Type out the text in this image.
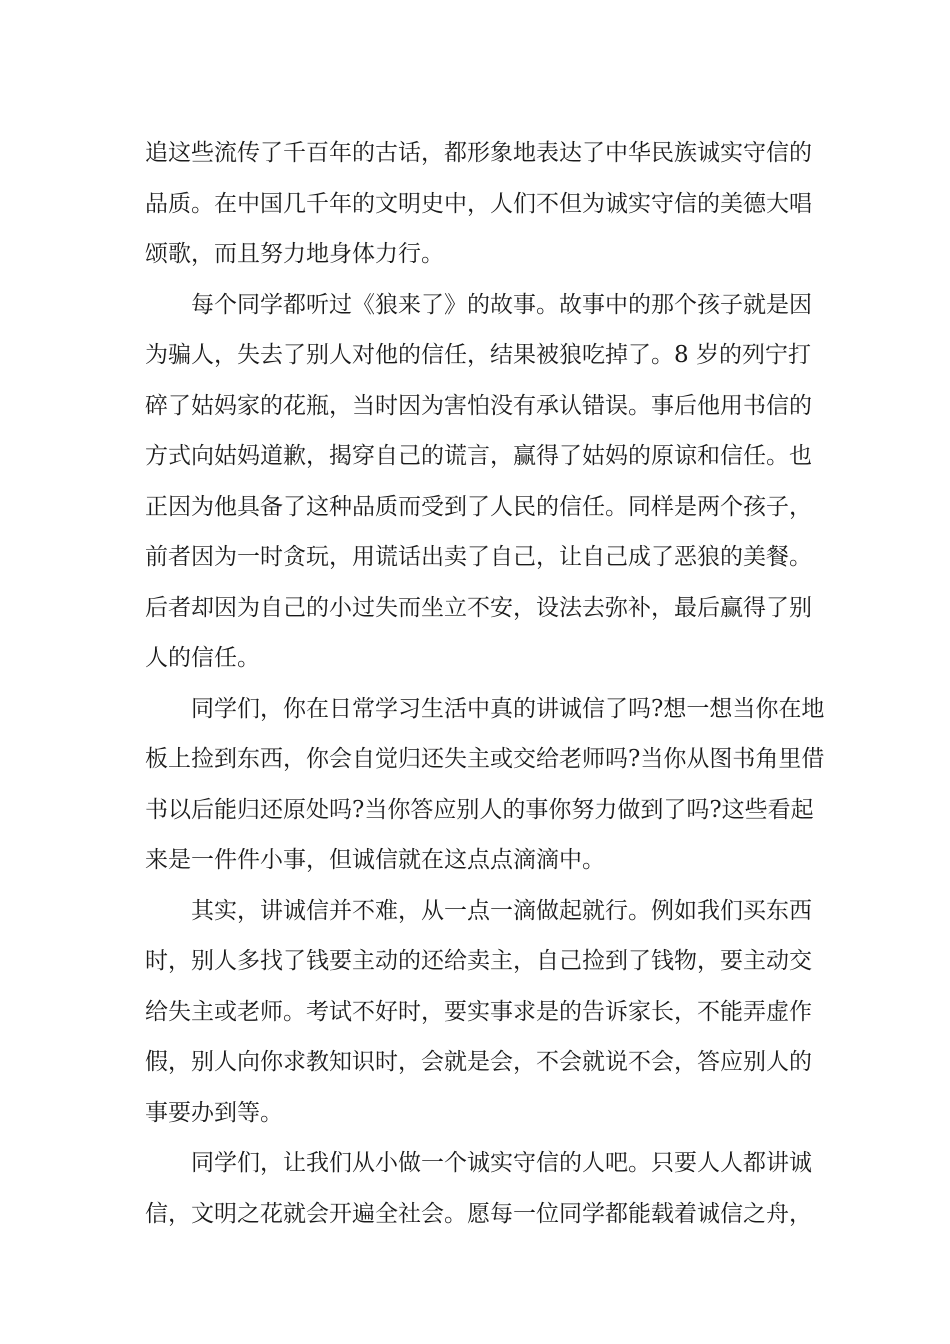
追这些流传了千百年的古话，都形象地表达了中华民族诚实守信的
品质。在中国几千年的文明史中，人们不但为诚实守信的美德大唱
颂歌，而且努力地身体力行。
每个同学都听过《狼来了》的故事。故事中的那个孩子就是因
为骗人，失去了别人对他的信任，结果被狼吃掉了。8 岁的列宁打
碎了姑妈家的花瓶，当时因为害怕没有承认错误。事后他用书信的
方式向姑妈道歉，揭穿自己的谎言，赢得了姑妈的原谅和信任。也
正因为他具备了这种品质而受到了人民的信任。同样是两个孩子，
前者因为一时贪玩，用谎话出卖了自己，让自己成了恶狼的美餐。
后者却因为自己的小过失而坐立不安，设法去弥补，最后赢得了别
人的信任。
同学们，你在日常学习生活中真的讲诚信了吗?想一想当你在地
板上捡到东西，你会自觉归还失主或交给老师吗?当你从图书角里借
书以后能归还原处吗?当你答应别人的事你努力做到了吗?这些看起
来是一件件小事，但诚信就在这点点滴滴中。
其实，讲诚信并不难，从一点一滴做起就行。例如我们买东西
时，别人多找了钱要主动的还给卖主，自己捡到了钱物，要主动交
给失主或老师。考试不好时，要实事求是的告诉家长，不能弄虚作
假，别人向你求教知识时，会就是会，不会就说不会，答应别人的
事要办到等。
同学们，让我们从小做一个诚实守信的人吧。只要人人都讲诚
信，文明之花就会开遍全社会。愿每一位同学都能载着诚信之舟，
